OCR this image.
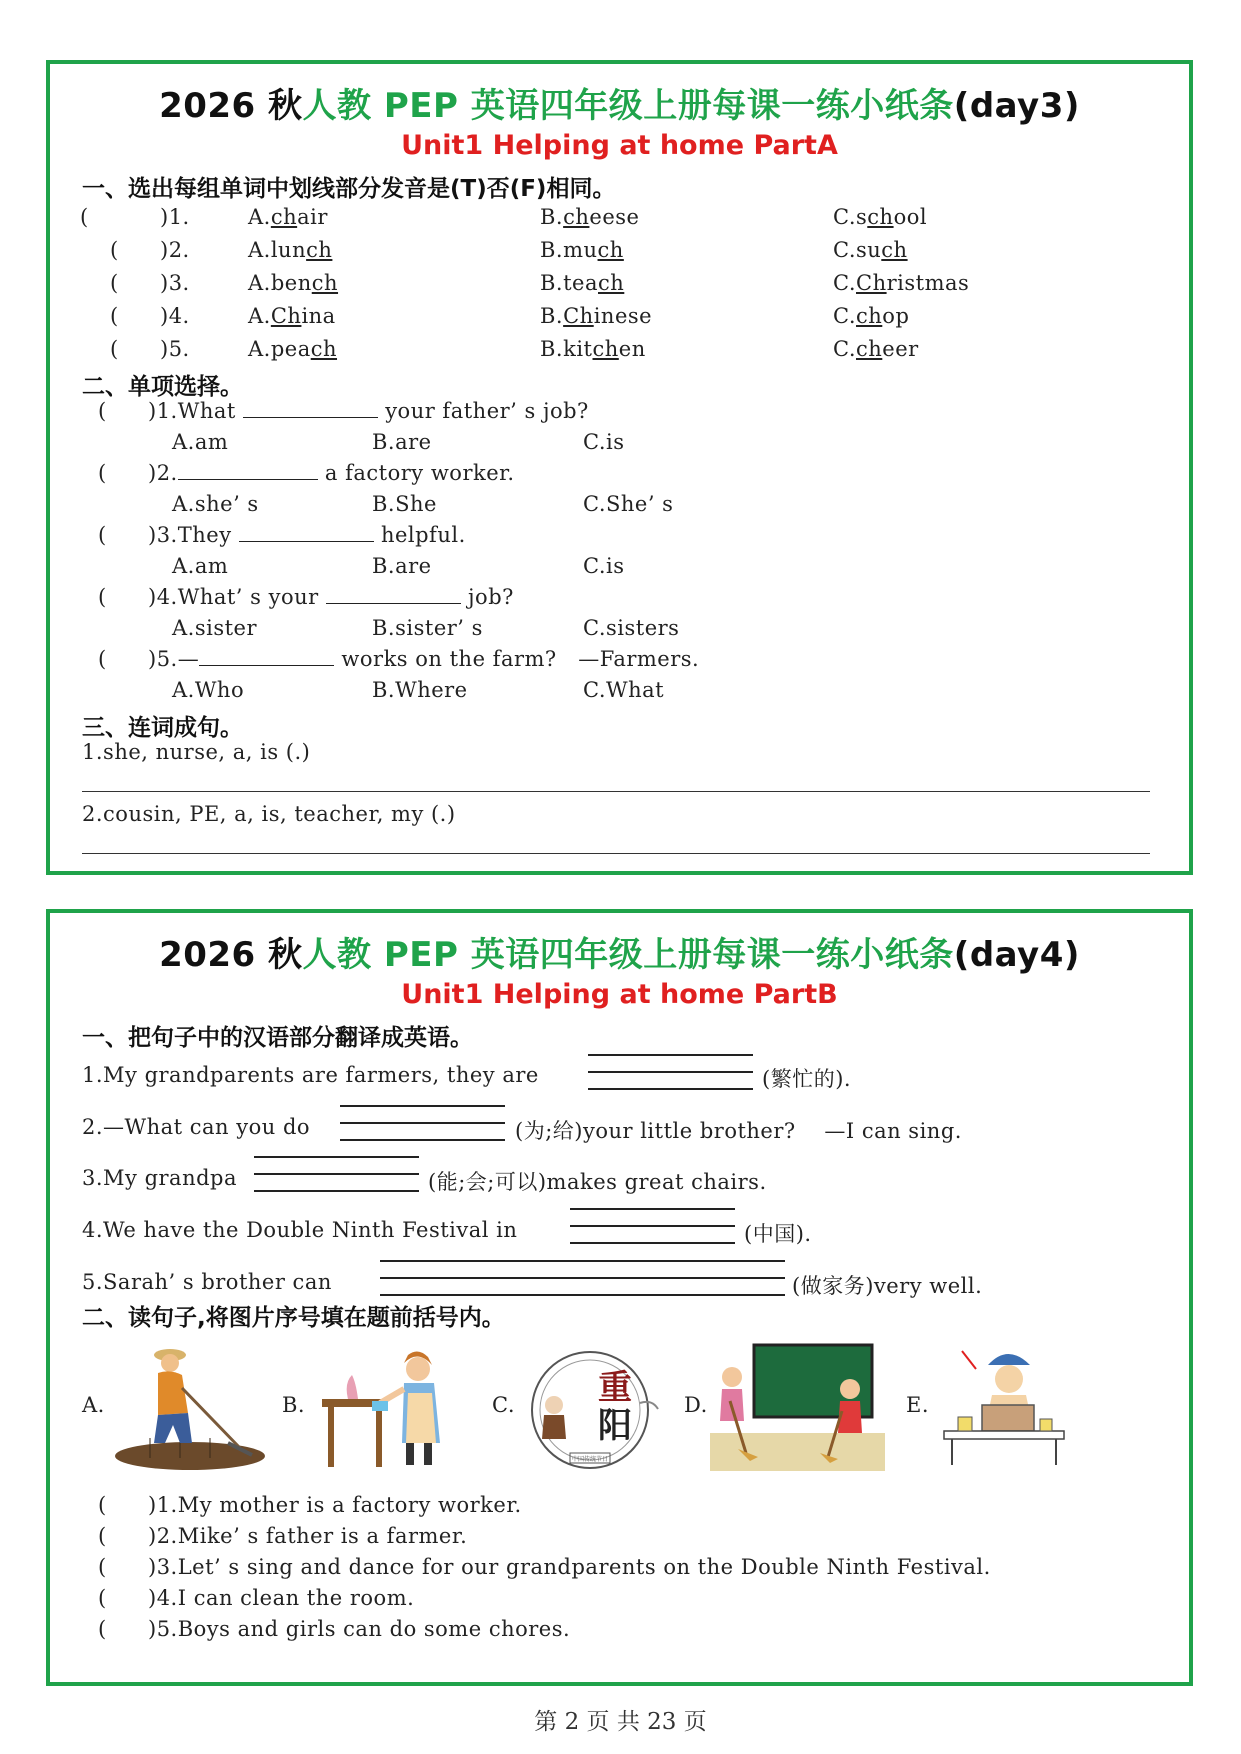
2026 秋人教 PEP 英语四年级上册每课一练小纸条(day3)
Unit1 Helping at home PartA
一、选出每组单词中划线部分发音是(T)否(F)相同。
(	)1.	A.chair	B.cheese	C.school
( )2.	A.lunch	B.much	C.such
( )3.	A.bench	B.teach	C.Christmas
( )4.	A.China	B.Chinese	C.chop
( )5.	A.peach	B.kitchen	C.cheer
二、单项选择。
( )1.What	your father’ s job?
A.am	B.are	C.is
( )2.	a factory worker.
A.she’ s	B.She	C.She’ s
( )3.They	helpful.
A.am	B.are	C.is
( )4.What’ s your	job?
A.sister	B.sister’ s	C.sisters
( )5.—	works on the farm?   —Farmers.
A.Who	B.Where	C.What
三、连词成句。
1.she, nurse, a, is (.)
2.cousin, PE, a, is, teacher, my (.)
2026 秋人教 PEP 英语四年级上册每课一练小纸条(day4)
Unit1 Helping at home PartB
一、把句子中的汉语部分翻译成英语。
1.My grandparents are farmers, they are	(繁忙的).
2.—What can you do	(为;给)your little brother?    —I can sing.
3.My grandpa	(能;会;可以)makes great chairs.
4.We have the Double Ninth Festival in	(中国).
5.Sarah’ s brother can	(做家务)very well.
二、读句子,将图片序号填在题前括号内。
A.	B.	C. 重
阳
中国传统节日
D.	E.
( )1.My mother is a factory worker.
( )2.Mike’ s father is a farmer.
( )3.Let’ s sing and dance for our grandparents on the Double Ninth Festival.
( )4.I can clean the room.
( )5.Boys and girls can do some chores.
第 2 页 共 23 页
